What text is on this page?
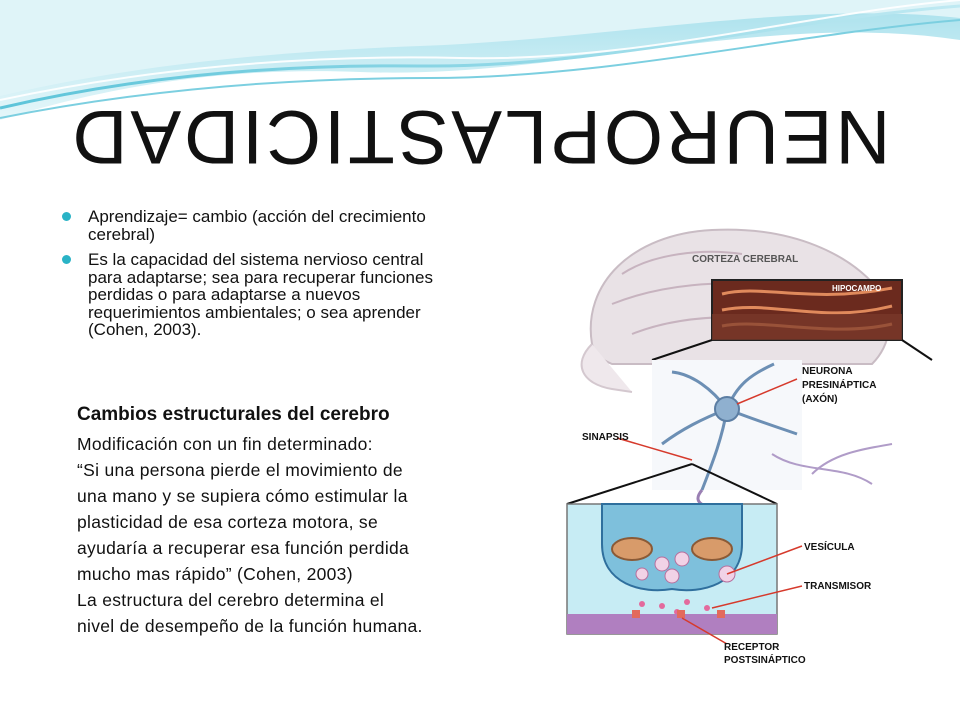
NEUROPLASTICIDAD
Aprendizaje= cambio (acción del crecimiento cerebral)
Es la capacidad del sistema nervioso central para adaptarse; sea para recuperar funciones perdidas o para adaptarse a nuevos requerimientos ambientales; o sea aprender (Cohen, 2003).
Cambios estructurales del cerebro
Modificación con un fin determinado:
“Si una persona pierde el movimiento de
una mano y se supiera cómo estimular la
plasticidad de esa corteza motora, se
ayudaría a recuperar esa función perdida
mucho mas rápido” (Cohen, 2003)
La estructura del cerebro determina el
nivel de desempeño de la función humana.
CORTEZA CEREBRAL
HIPOCAMPO
NEURONA
PRESINÁPTICA
(AXÓN)
SINAPSIS
VESÍCULA
TRANSMISOR
RECEPTOR
POSTSINÁPTICO
